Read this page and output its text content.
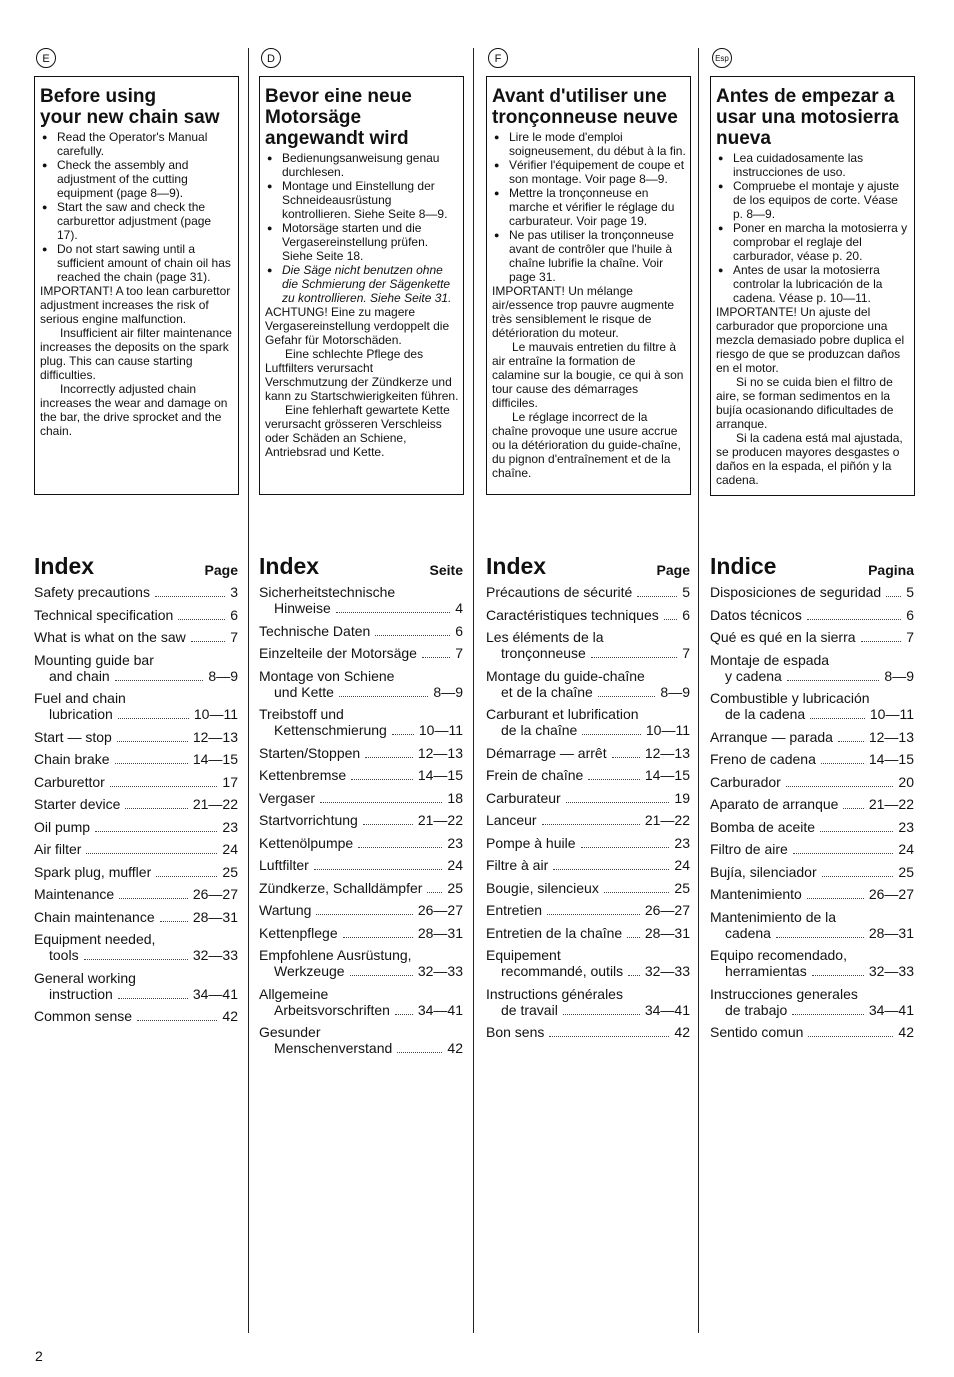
E
Before using
your new chain saw
● Read the Operator's Manual carefully.
● Check the assembly and adjustment of the cutting equipment (page 8—9).
● Start the saw and check the carburettor adjustment (page 17).
● Do not start sawing until a sufficient amount of chain oil has reached the chain (page 31).

IMPORTANT! A too lean carburettor adjustment increases the risk of serious engine malfunction.

Insufficient air filter maintenance increases the deposits on the spark plug. This can cause starting difficulties.

Incorrectly adjusted chain increases the wear and damage on the bar, the drive sprocket and the chain.

Index	Page
Safety precautions	3
Technical specification	6
What is what on the saw	7
Mounting guide bar
and chain	8—9
Fuel and chain
lubrication	10—11
Start — stop	12—13
Chain brake	14—15
Carburettor	17
Starter device	21—22
Oil pump	23
Air filter	24
Spark plug, muffler	25
Maintenance	26—27
Chain maintenance	28—31
Equipment needed,
tools	32—33
General working
instruction	34—41
Common sense	42
D
Bevor eine neue
Motorsäge
angewandt wird
● Bedienungsanweisung genau durchlesen.
● Montage und Einstellung der Schneideausrüstung kontrollieren. Siehe Seite 8—9.
● Motorsäge starten und die Vergasereinstellung prüfen. Siehe Seite 18.
● Die Säge nicht benutzen ohne die Schmierung der Sägenkette zu kontrollieren. Siehe Seite 31.

ACHTUNG! Eine zu magere Vergasereinstellung verdoppelt die Gefahr für Motorschäden.

Eine schlechte Pflege des Luftfilters verursacht Verschmutzung der Zündkerze und kann zu Startschwierigkeiten führen.

Eine fehlerhaft gewartete Kette verursacht grösseren Verschleiss oder Schäden an Schiene, Antriebsrad und Kette.

Index	Seite
Sicherheitstechnische
Hinweise	4
Technische Daten	6
Einzelteile der Motorsäge	7
Montage von Schiene
und Kette	8—9
Treibstoff und
Kettenschmierung 10—11
Starten/Stoppen	12—13
Kettenbremse	14—15
Vergaser	18
Startvorrichtung	21—22
Kettenölpumpe	23
Luftfilter	24
Zündkerze, Schalldämpfer 25
Wartung	26—27
Kettenpflege	28—31
Empfohlene Ausrüstung,
Werkzeuge	32—33
Allgemeine
Arbeitsvorschriften 34—41
Gesunder
Menschenverstand	42
F
Avant d'utiliser une
tronçonneuse neuve
● Lire le mode d'emploi soigneusement, du début à la fin.
● Vérifier l'équipement de coupe et son montage. Voir page 8—9.
● Mettre la tronçonneuse en marche et vérifier le réglage du carburateur. Voir page 19.
● Ne pas utiliser la tronçonneuse avant de contrôler que l'huile à chaîne lubrifie la chaîne. Voir page 31.

IMPORTANT! Un mélange air/essence trop pauvre augmente très sensiblement le risque de détérioration du moteur.

Le mauvais entretien du filtre à air entraîne la formation de calamine sur la bougie, ce qui à son tour cause des démarrages difficiles.

Le réglage incorrect de la chaîne provoque une usure accrue ou la détérioration du guide-chaîne, du pignon d'entraînement et de la chaîne.

Index	Page
Précautions de sécurité	5
Caractéristiques techniques 6
Les éléments de la
tronçonneuse	7
Montage du guide-chaîne
et de la chaîne	8—9
Carburant et lubrification
de la chaîne	10—11
Démarrage — arrêt	12—13
Frein de chaîne	14—15
Carburateur	19
Lanceur	21—22
Pompe à huile	23
Filtre à air	24
Bougie, silencieux	25
Entretien	26—27
Entretien de la chaîne 28—31
Equipement
recommandé, outils 32—33
Instructions générales
de travail	34—41
Bon sens	42
Esp
Antes de empezar a
usar una motosierra
nueva
● Lea cuidadosamente las instrucciones de uso.
● Compruebe el montaje y ajuste de los equipos de corte. Véase p. 8—9.
● Poner en marcha la motosierra y comprobar el reglaje del carburador, véase p. 20.
● Antes de usar la motosierra controlar la lubricación de la cadena. Véase p. 10—11.

IMPORTANTE! Un ajuste del carburador que proporcione una mezcla demasiado pobre duplica el riesgo de que se produzcan daños en el motor.

Si no se cuida bien el filtro de aire, se forman sedimentos en la bujía ocasionando dificultades de arranque.

Si la cadena está mal ajustada, se producen mayores desgastes o daños en la espada, el piñón y la cadena.

Indice	Pagina
Disposiciones de seguridad 5
Datos técnicos	6
Qué es qué en la sierra	7
Montaje de espada
y cadena	8—9
Combustible y lubricación
de la cadena	10—11
Arranque — parada	12—13
Freno de cadena	14—15
Carburador	20
Aparato de arranque 21—22
Bomba de aceite	23
Filtro de aire	24
Bujía, silenciador	25
Mantenimiento	26—27
Mantenimiento de la
cadena	28—31
Equipo recomendado,
herramientas	32—33
Instrucciones generales
de trabajo	34—41
Sentido comun	42
2
